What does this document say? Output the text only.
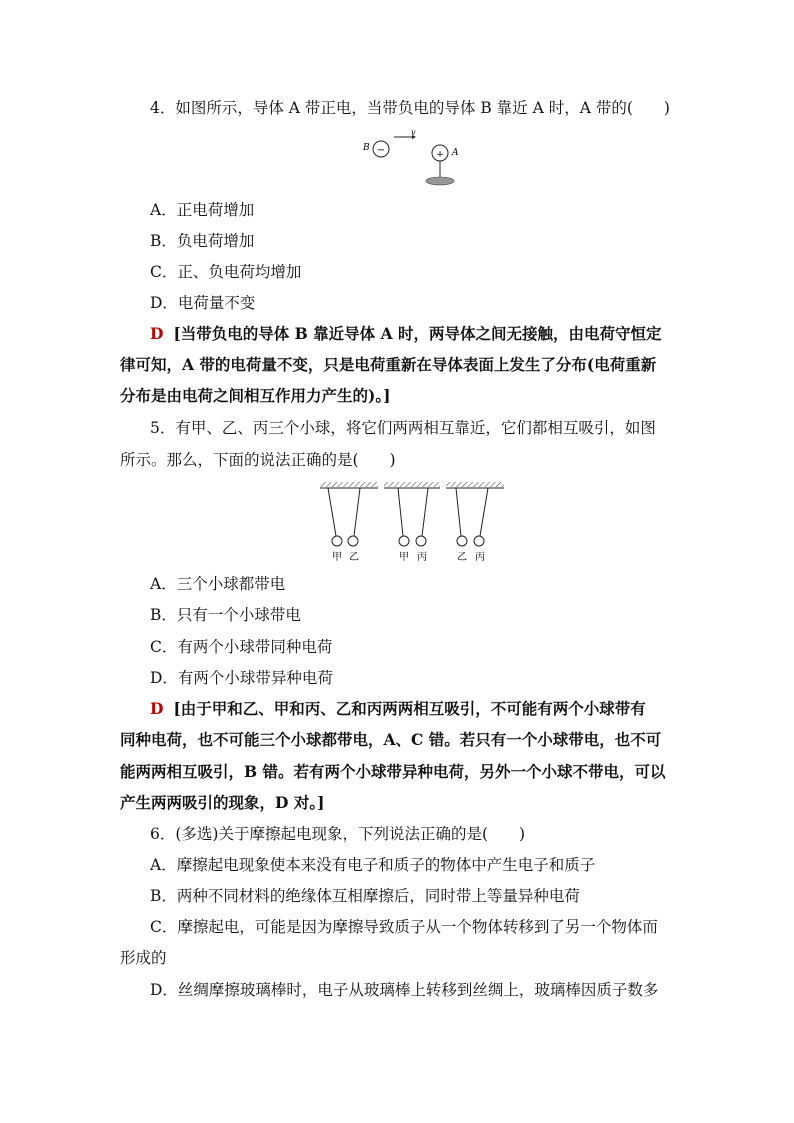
4．如图所示，导体 A 带正电，当带负电的导体 B 靠近 A 时，A 带的(　　)
B −
v
+ A
A．正电荷增加
B．负电荷增加
C．正、负电荷均增加
D．电荷量不变
D [当带负电的导体 B 靠近导体 A 时，两导体之间无接触，由电荷守恒定
律可知，A 带的电荷量不变，只是电荷重新在导体表面上发生了分布(电荷重新
分布是由电荷之间相互作用力产生的)。]
5．有甲、乙、丙三个小球，将它们两两相互靠近，它们都相互吸引，如图
所示。那么，下面的说法正确的是(　　)
甲 乙	甲 丙	乙 丙
A．三个小球都带电
B．只有一个小球带电
C．有两个小球带同种电荷
D．有两个小球带异种电荷
D [由于甲和乙、甲和丙、乙和丙两两相互吸引，不可能有两个小球带有
同种电荷，也不可能三个小球都带电，A、C 错。若只有一个小球带电，也不可
能两两相互吸引，B 错。若有两个小球带异种电荷，另外一个小球不带电，可以
产生两两吸引的现象，D 对。]
6．(多选)关于摩擦起电现象，下列说法正确的是(　　)
A．摩擦起电现象使本来没有电子和质子的物体中产生电子和质子
B．两种不同材料的绝缘体互相摩擦后，同时带上等量异种电荷
C．摩擦起电，可能是因为摩擦导致质子从一个物体转移到了另一个物体而
形成的
D．丝绸摩擦玻璃棒时，电子从玻璃棒上转移到丝绸上，玻璃棒因质子数多
